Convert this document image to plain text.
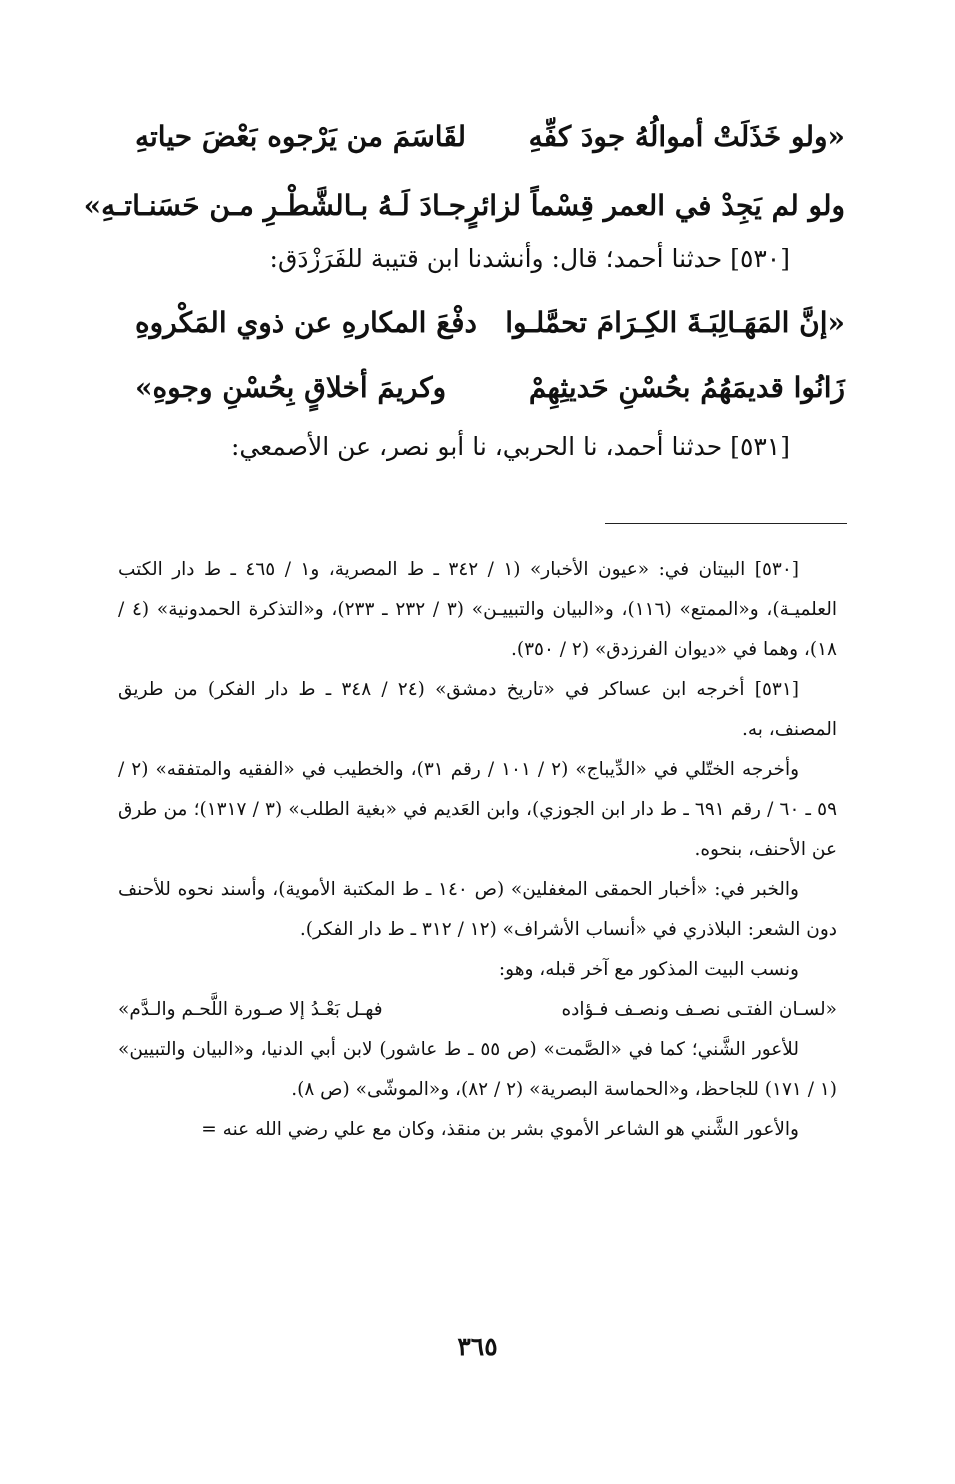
«ولو خَذَلَتْ أموالُهُ جودَ كفِّهِ
لقَاسَمَ من يَرْجوه بَعْضَ حياتهِ
ولو لم يَجِدْ في العمر قِسْماً لزائرٍ
جـادَ لَـهُ بـالشَّطْـرِ مـن حَسَنـاتـهِ»
[٥٣٠] حدثنا أحمد؛ قال: وأنشدنا ابن قتيبة للفَرَزْدَق:
«إنَّ المَهَـالِبَـةَ الكِـرَامَ تحمَّلـوا
دفْعَ المكارهِ عن ذوي المَكْروهِ
زَانُوا قديمَهُمُ بحُسْنِ حَديثِهِمْ
وكريمَ أخلاقٍ بِحُسْنِ وجوهِ»
[٥٣١] حدثنا أحمد، نا الحربي، نا أبو نصر، عن الأصمعي:

[٥٣٠] البيتان في: «عيون الأخبار» (١ / ٣٤٢ ـ ط المصرية، و١ / ٤٦٥ ـ ط دار الكتب العلميـة)، و«الممتع» (١١٦)، و«البيان والتبييـن» (٣ / ٢٣٢ ـ ٢٣٣)، و«التذكرة الحمدونية» (٤ / ١٨)، وهما في «ديوان الفرزدق» (٢ / ٣٥٠).

[٥٣١] أخرجه ابن عساكر في «تاريخ دمشق» (٢٤ / ٣٤٨ ـ ط دار الفكر) من طريق المصنف، به.

وأخرجه الختّلي في «الدِّيباج» (٢ / ١٠١ / رقم ٣١)، والخطيب في «الفقيه والمتفقه» (٢ / ٥٩ ـ ٦٠ / رقم ٦٩١ ـ ط دار ابن الجوزي)، وابن العَديم في «بغية الطلب» (٣ / ١٣١٧)؛ من طرق عن الأحنف، بنحوه.

والخبر في: «أخبار الحمقى المغفلين» (ص ١٤٠ ـ ط المكتبة الأموية)، وأسند نحوه للأحنف دون الشعر: البلاذري في «أنساب الأشراف» (١٢ / ٣١٢ ـ ط دار الفكر).

ونسب البيت المذكور مع آخر قبله، وهو:

«لسـان الفتـى نصـف ونصـف فـؤاده
فهـل بَعْـدُ إلا صـورة اللَّحـم والـدَّم»

للأعور الشَّني؛ كما في «الصَّمت» (ص ٥٥ ـ ط عاشور) لابن أبي الدنيا، و«البيان والتبيين» (١ / ١٧١) للجاحظ، و«الحماسة البصرية» (٢ / ٨٢)، و«الموشّى» (ص ٨).

والأعور الشَّني هو الشاعر الأموي بشر بن منقذ، وكان مع علي رضي الله عنه =

٣٦٥
